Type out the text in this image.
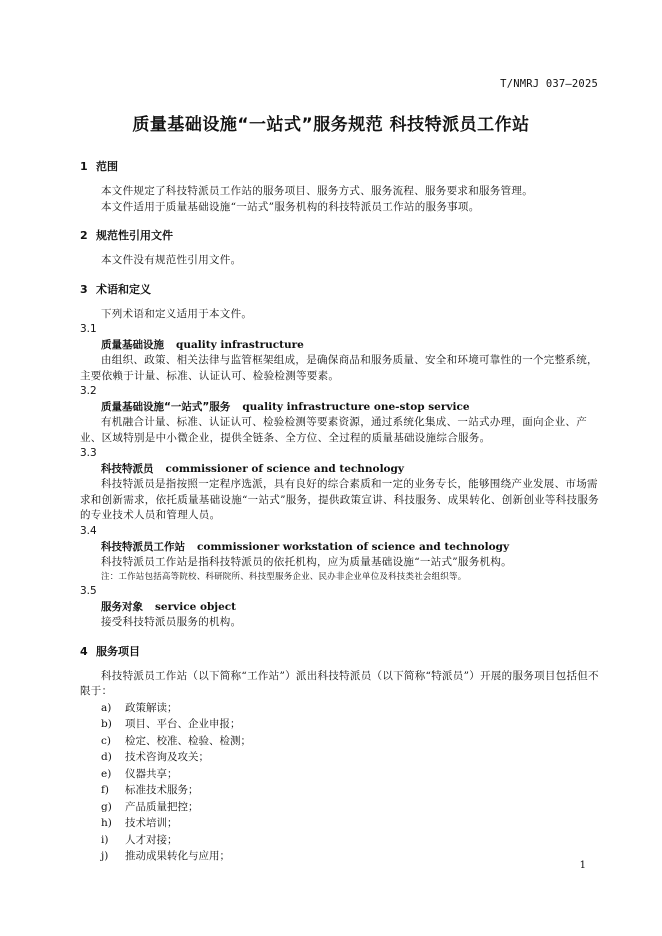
T/NMRJ 037—2025
质量基础设施“一站式”服务规范 科技特派员工作站
1 范围
本文件规定了科技特派员工作站的服务项目、服务方式、服务流程、服务要求和服务管理。
本文件适用于质量基础设施“一站式”服务机构的科技特派员工作站的服务事项。
2 规范性引用文件
本文件没有规范性引用文件。
3 术语和定义
下列术语和定义适用于本文件。
3.1
质量基础设施 quality infrastructure
由组织、政策、相关法律与监管框架组成，是确保商品和服务质量、安全和环境可靠性的一个完整系统，主要依赖于计量、标准、认证认可、检验检测等要素。
3.2
质量基础设施“一站式”服务 quality infrastructure one-stop service
有机融合计量、标准、认证认可、检验检测等要素资源，通过系统化集成、一站式办理，面向企业、产业、区域特别是中小微企业，提供全链条、全方位、全过程的质量基础设施综合服务。
3.3
科技特派员 commissioner of science and technology
科技特派员是指按照一定程序选派，具有良好的综合素质和一定的业务专长，能够围绕产业发展、市场需求和创新需求，依托质量基础设施“一站式”服务，提供政策宣讲、科技服务、成果转化、创新创业等科技服务的专业技术人员和管理人员。
3.4
科技特派员工作站 commissioner workstation of science and technology
科技特派员工作站是指科技特派员的依托机构，应为质量基础设施“一站式”服务机构。
注：工作站包括高等院校、科研院所、科技型服务企业、民办非企业单位及科技类社会组织等。
3.5
服务对象 service object
接受科技特派员服务的机构。
4 服务项目
科技特派员工作站（以下简称“工作站”）派出科技特派员（以下简称“特派员”）开展的服务项目包括但不限于：
a) 政策解读；
b) 项目、平台、企业申报；
c) 检定、校准、检验、检测；
d) 技术咨询及攻关；
e) 仪器共享；
f) 标准技术服务；
g) 产品质量把控；
h) 技术培训；
i) 人才对接；
j) 推动成果转化与应用；
1
